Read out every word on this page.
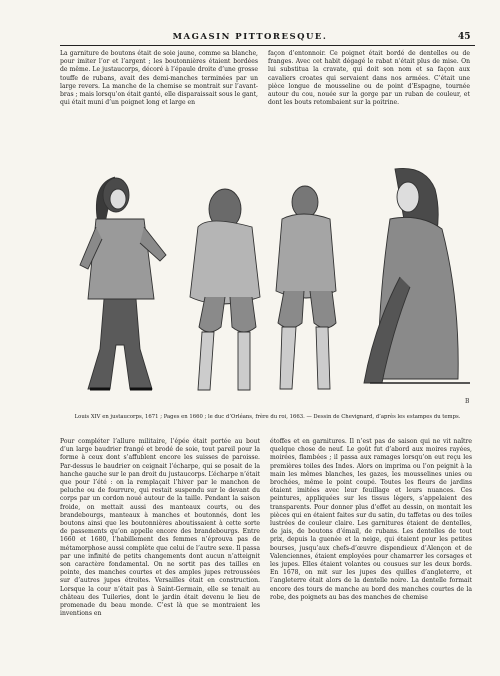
MAGASIN PITTORESQUE.	45

La garniture de boutons était de soie jaune, comme sa blanche, pour imiter l’or et l’argent ; les boutonnières étaient bordées de même. Le justaucorps, décoré à l’épaule droite d’une grosse touffe de rubans, avait des demi-manches terminées par un large revers. La manche de la chemise se montrait sur l’avant-bras ; mais lorsqu’on était ganté, elle disparaissait sous le gant, qui était muni d’un poignet long et large en

façon d’entonnoir. Ce poignet était bordé de dentelles ou de franges. Avec cet habit dégagé le rabat n’était plus de mise. On lui substitua la cravate, qui doit son nom et sa façon aux cavaliers croates qui servaient dans nos armées. C’était une pièce longue de mousseline ou de point d’Espagne, tournée autour du cou, nouée sur la gorge par un ruban de couleur, et dont les bouts retombaient sur la poitrine.

B
Louis XIV en justaucorps, 1671 ; Pages en 1660 ; le duc d’Orléans, frère du roi, 1663. — Dessin de Chevignard, d’après les estampes du temps.

Pour compléter l’allure militaire, l’épée était portée au bout d’un large baudrier frangé et brodé de soie, tout pareil pour la forme à ceux dont s’affublent encore les suisses de paroisse. Par-dessus le baudrier on ceignait l’écharpe, qui se posait de la hanche gauche sur le pan droit du justaucorps. L’écharpe n’était que pour l’été : on la remplaçait l’hiver par le manchon de peluche ou de fourrure, qui restait suspendu sur le devant du corps par un cordon noué autour de la taille. Pendant la saison froide, on mettait aussi des manteaux courts, ou des brandebourgs, manteaux à manches et boutonnés, dont les boutons ainsi que les boutonnières aboutissaient à cette sorte de passements qu’on appelle encore des brandebourgs. Entre 1660 et 1680, l’habillement des femmes n’éprouva pas de métamorphose aussi complète que celui de l’autre sexe. Il passa par une infinité de petits changements dont aucun n’atteignit son caractère fondamental. On ne sortit pas des tailles en pointe, des manches courtes et des amples jupes retroussées sur d’autres jupes étroites. Versailles était en construction. Lorsque la cour n’était pas à Saint-Germain, elle se tenait au château des Tuileries, dont le jardin était devenu le lieu de promenade du beau monde. C’est là que se montraient les inventions en

étoffes et en garnitures. Il n’est pas de saison qui ne vit naître quelque chose de neuf. Le goût fut d’abord aux moires rayées, moirées, flambées ; il passa aux ramages lorsqu’on eut reçu les premières toiles des Indes. Alors on imprima ou l’on peignit à la main les mêmes blanches, les gazes, les mousselines unies ou brochées, même le point coupé. Toutes les fleurs de jardins étaient imitées avec leur feuillage et leurs nuances. Ces peintures, appliquées sur les tissus légers, s’appelaient des transparents. Pour donner plus d’effet au dessin, on montait les pièces qui en étaient faites sur du satin, du taffetas ou des toiles lustrées de couleur claire. Les garnitures étaient de dentelles, de jais, de boutons d’émail, de rubans. Les dentelles de tout prix, depuis la guenée et la neige, qui étaient pour les petites bourses, jusqu’aux chefs-d’œuvre dispendieux d’Alençon et de Valenciennes, étaient employées pour chamarrer les corsages et les jupes. Elles étaient volantes ou cousues sur les deux bords. En 1678, on mit sur les jupes des quilles d’angleterre, et l’angleterre était alors de la dentelle noire. La dentelle formait encore des tours de manche au bord des manches courtes de la robe, des poignets au bas des manches de chemise
